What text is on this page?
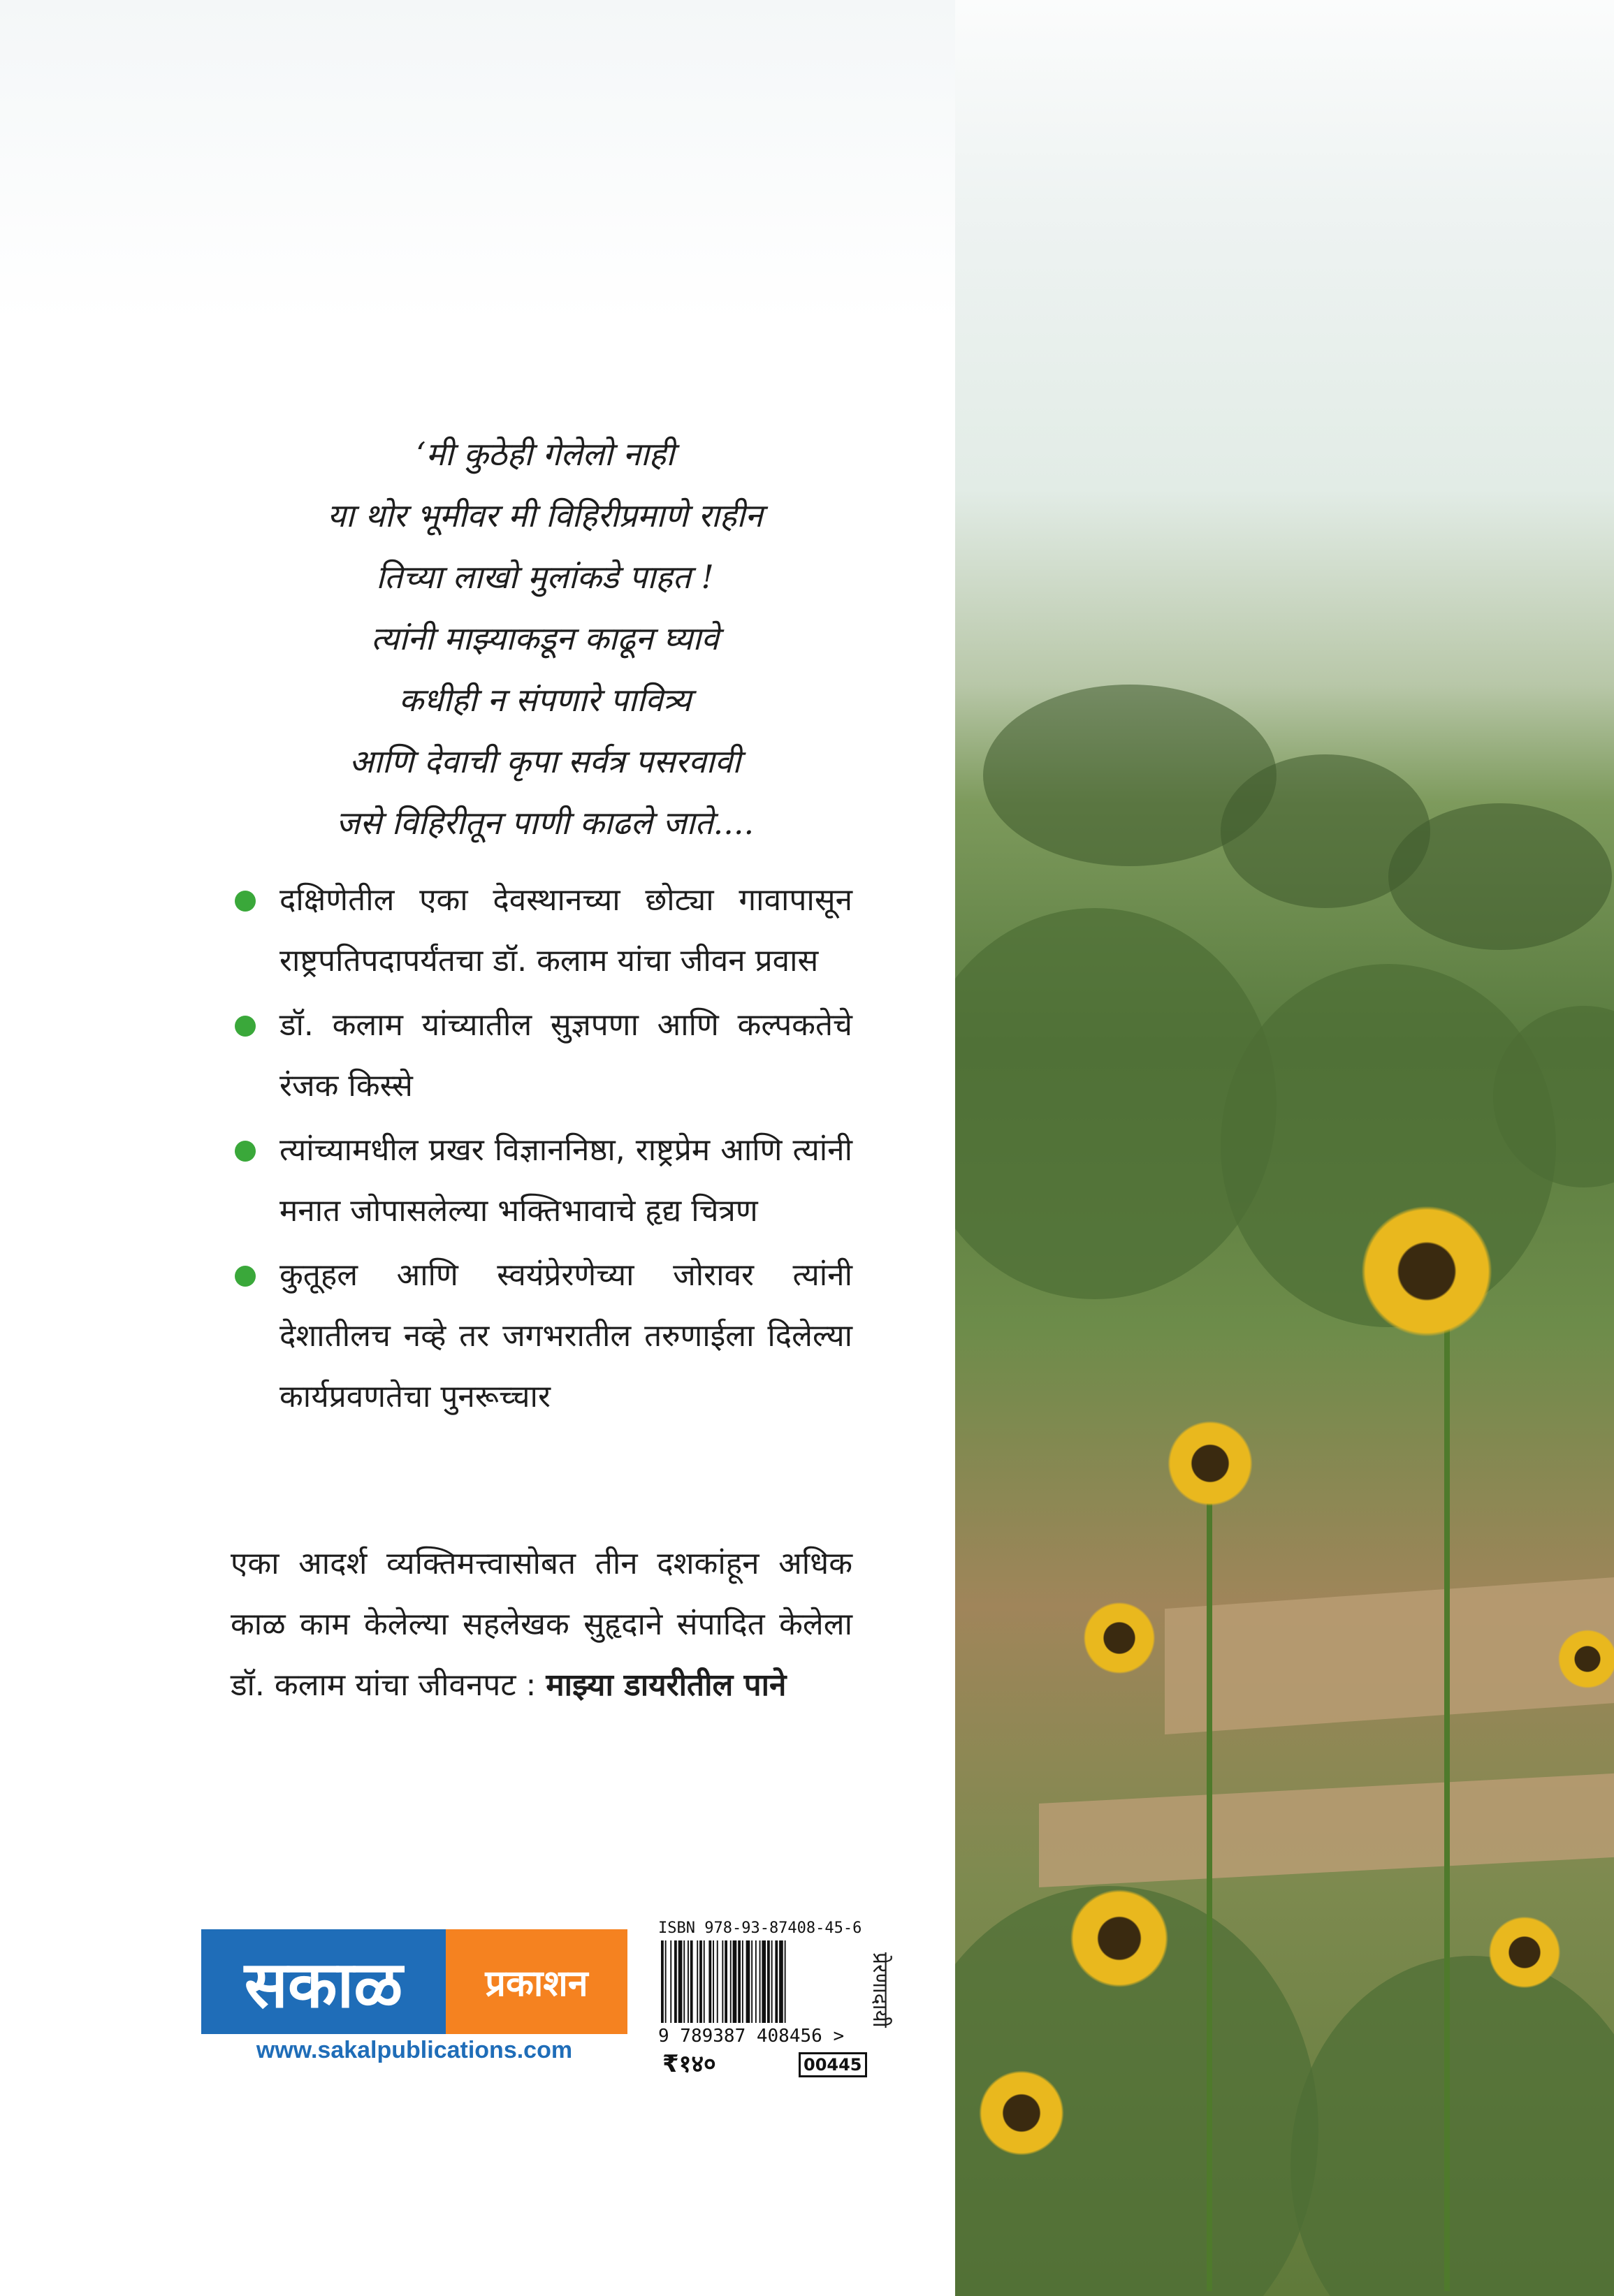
‘मी कुठेही गेलेलो नाही
या थोर भूमीवर मी विहिरीप्रमाणे राहीन
तिच्या लाखो मुलांकडे पाहत !
त्यांनी माझ्याकडून काढून घ्यावे
कधीही न संपणारे पावित्र्य
आणि देवाची कृपा सर्वत्र पसरवावी
जसे विहिरीतून पाणी काढले जाते....
दक्षिणेतील एका देवस्थानच्या छोट्या गावापासून राष्ट्रपतिपदापर्यंतचा डॉ. कलाम यांचा जीवन प्रवास
डॉ. कलाम यांच्यातील सुज्ञपणा आणि कल्पकतेचे रंजक किस्से
त्यांच्यामधील प्रखर विज्ञाननिष्ठा, राष्ट्रप्रेम आणि त्यांनी मनात जोपासलेल्या भक्तिभावाचे हृद्य चित्रण
कुतूहल आणि स्वयंप्रेरणेच्या जोरावर त्यांनी देशातीलच नव्हे तर जगभरातील तरुणाईला दिलेल्या कार्यप्रवणतेचा पुनरूच्चार
एका आदर्श व्यक्तिमत्त्वासोबत तीन दशकांहून अधिक काळ काम केलेल्या सहलेखक सुहृदाने संपादित केलेला डॉ. कलाम यांचा जीवनपट : माझ्या डायरीतील पाने
सकाळ	प्रकाशन
www.sakalpublications.com
ISBN 978-93-87408-45-6
9 789387 408456 >
₹१४०	00445
प्रेरणादायी
